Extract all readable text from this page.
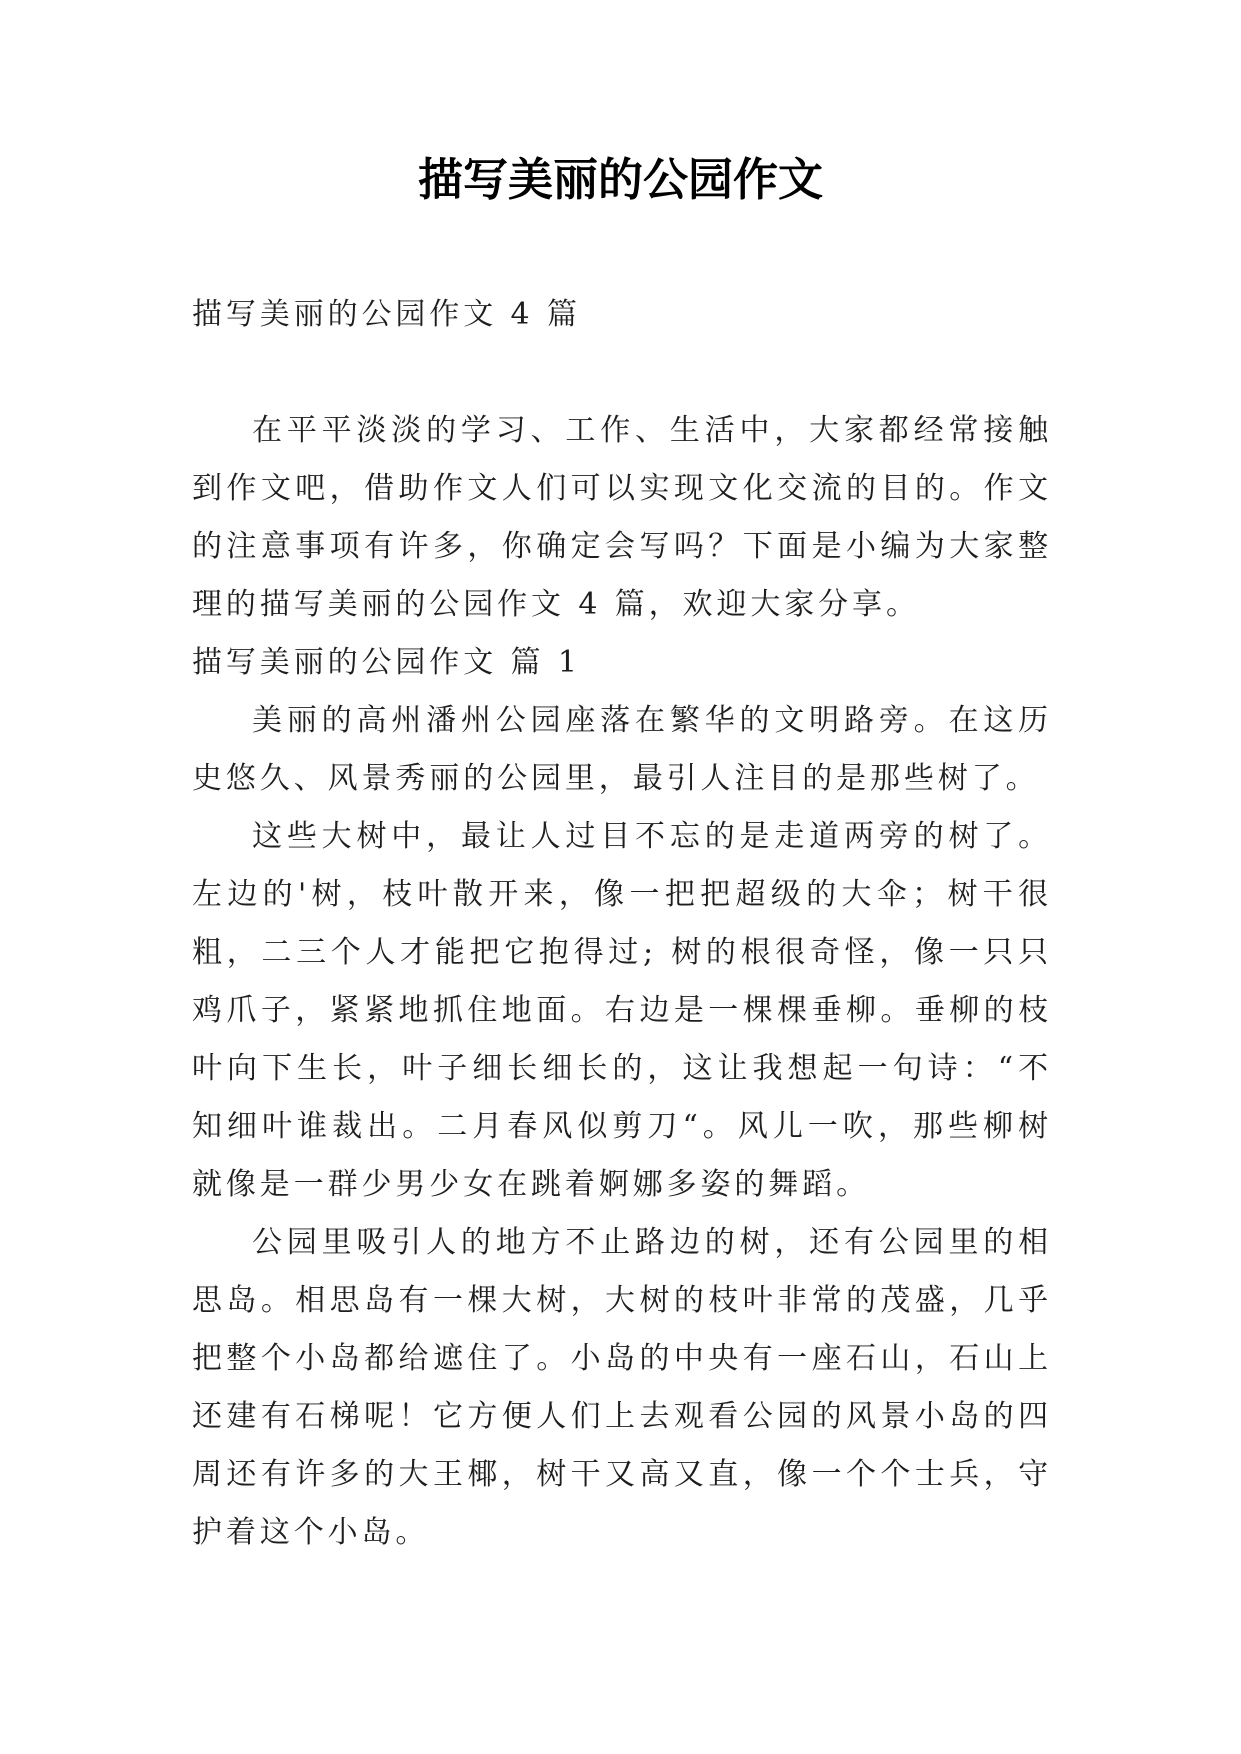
描写美丽的公园作文
描写美丽的公园作文 4 篇

在平平淡淡的学习、工作、生活中，大家都经常接触到作文吧，借助作文人们可以实现文化交流的目的。作文的注意事项有许多，你确定会写吗？下面是小编为大家整理的描写美丽的公园作文 4 篇，欢迎大家分享。

描写美丽的公园作文 篇 1

美丽的高州潘州公园座落在繁华的文明路旁。在这历史悠久、风景秀丽的公园里，最引人注目的是那些树了。

这些大树中，最让人过目不忘的是走道两旁的树了。左边的'树，枝叶散开来，像一把把超级的大伞；树干很粗，二三个人才能把它抱得过; 树的根很奇怪，像一只只鸡爪子，紧紧地抓住地面。右边是一棵棵垂柳。垂柳的枝叶向下生长，叶子细长细长的，这让我想起一句诗：“不知细叶谁裁出。二月春风似剪刀“。风儿一吹，那些柳树就像是一群少男少女在跳着婀娜多姿的舞蹈。

公园里吸引人的地方不止路边的树，还有公园里的相思岛。相思岛有一棵大树，大树的枝叶非常的茂盛，几乎把整个小岛都给遮住了。小岛的中央有一座石山，石山上还建有石梯呢！它方便人们上去观看公园的风景小岛的四周还有许多的大王椰，树干又高又直，像一个个士兵，守护着这个小岛。
